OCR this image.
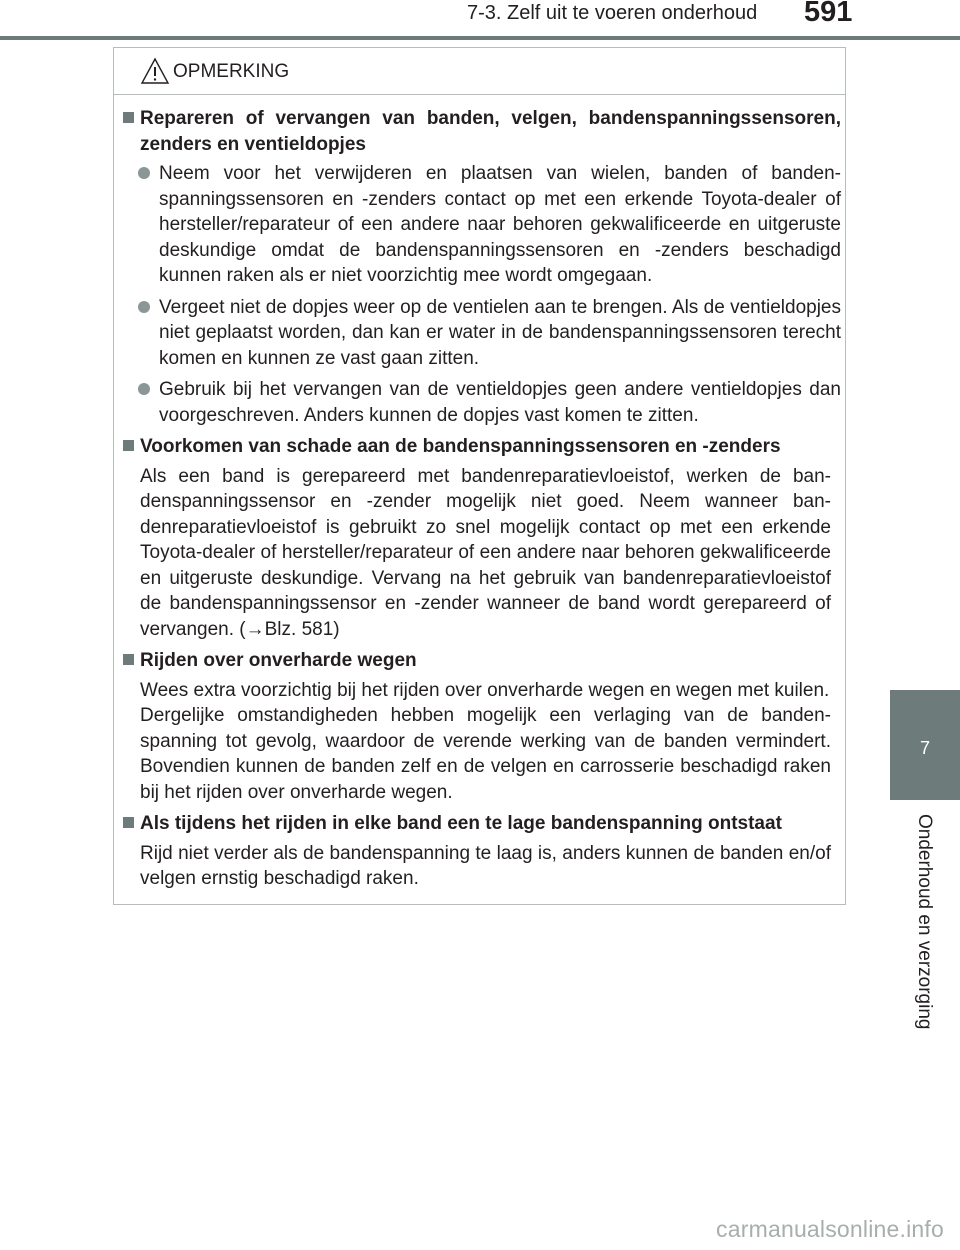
7-3. Zelf uit te voeren onderhoud 591
7
Onderhoud en verzorging
OPMERKING
Repareren of vervangen van banden, velgen, bandenspanningssensoren, zenders en ventieldopjes
Neem voor het verwijderen en plaatsen van wielen, banden of bandenspanningssensoren en -zenders contact op met een erkende Toyota-dealer of hersteller/reparateur of een andere naar behoren gekwalificeerde en uitgeruste deskundige omdat de bandenspanningssensoren en -zenders beschadigd kunnen raken als er niet voorzichtig mee wordt omgegaan.
Vergeet niet de dopjes weer op de ventielen aan te brengen. Als de ventieldopjes niet geplaatst worden, dan kan er water in de bandenspanningssensoren terecht komen en kunnen ze vast gaan zitten.
Gebruik bij het vervangen van de ventieldopjes geen andere ventieldopjes dan voorgeschreven. Anders kunnen de dopjes vast komen te zitten.
Voorkomen van schade aan de bandenspanningssensoren en -zenders

Als een band is gerepareerd met bandenreparatievloeistof, werken de bandenspanningssensor en -zender mogelijk niet goed. Neem wanneer bandenreparatievloeistof is gebruikt zo snel mogelijk contact op met een erkende Toyota-dealer of hersteller/reparateur of een andere naar behoren gekwalificeerde en uitgeruste deskundige. Vervang na het gebruik van bandenreparatievloeistof de bandenspanningssensor en -zender wanneer de band wordt gerepareerd of vervangen. (→Blz. 581)

Rijden over onverharde wegen

Wees extra voorzichtig bij het rijden over onverharde wegen en wegen met kuilen.

Dergelijke omstandigheden hebben mogelijk een verlaging van de bandenspanning tot gevolg, waardoor de verende werking van de banden vermindert. Bovendien kunnen de banden zelf en de velgen en carrosserie beschadigd raken bij het rijden over onverharde wegen.

Als tijdens het rijden in elke band een te lage bandenspanning ontstaat

Rijd niet verder als de bandenspanning te laag is, anders kunnen de banden en/of velgen ernstig beschadigd raken.

carmanualsonline.info
